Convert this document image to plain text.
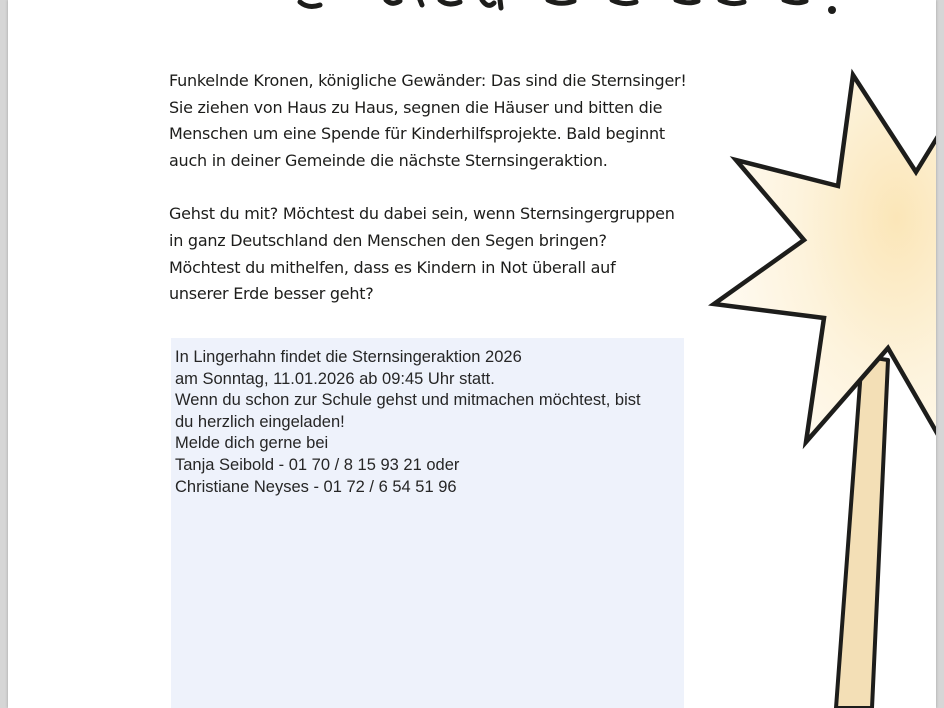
Funkelnde Kronen, königliche Gewänder: Das sind die Sternsinger!

Sie ziehen von Haus zu Haus, segnen die Häuser und bitten die

Menschen um eine Spende für Kinderhilfsprojekte. Bald beginnt

auch in deiner Gemeinde die nächste Sternsingeraktion.

Gehst du mit? Möchtest du dabei sein, wenn Sternsingergruppen

in ganz Deutschland den Menschen den Segen bringen?

Möchtest du mithelfen, dass es Kindern in Not überall auf

unserer Erde besser geht?

In Lingerhahn findet die Sternsingeraktion 2026

am Sonntag, 11.01.2026 ab 09:45 Uhr statt.

Wenn du schon zur Schule gehst und mitmachen möchtest, bist

du herzlich eingeladen!

Melde dich gerne bei

Tanja Seibold - 01 70 / 8 15 93 21 oder

Christiane Neyses - 01 72 / 6 54 51 96
